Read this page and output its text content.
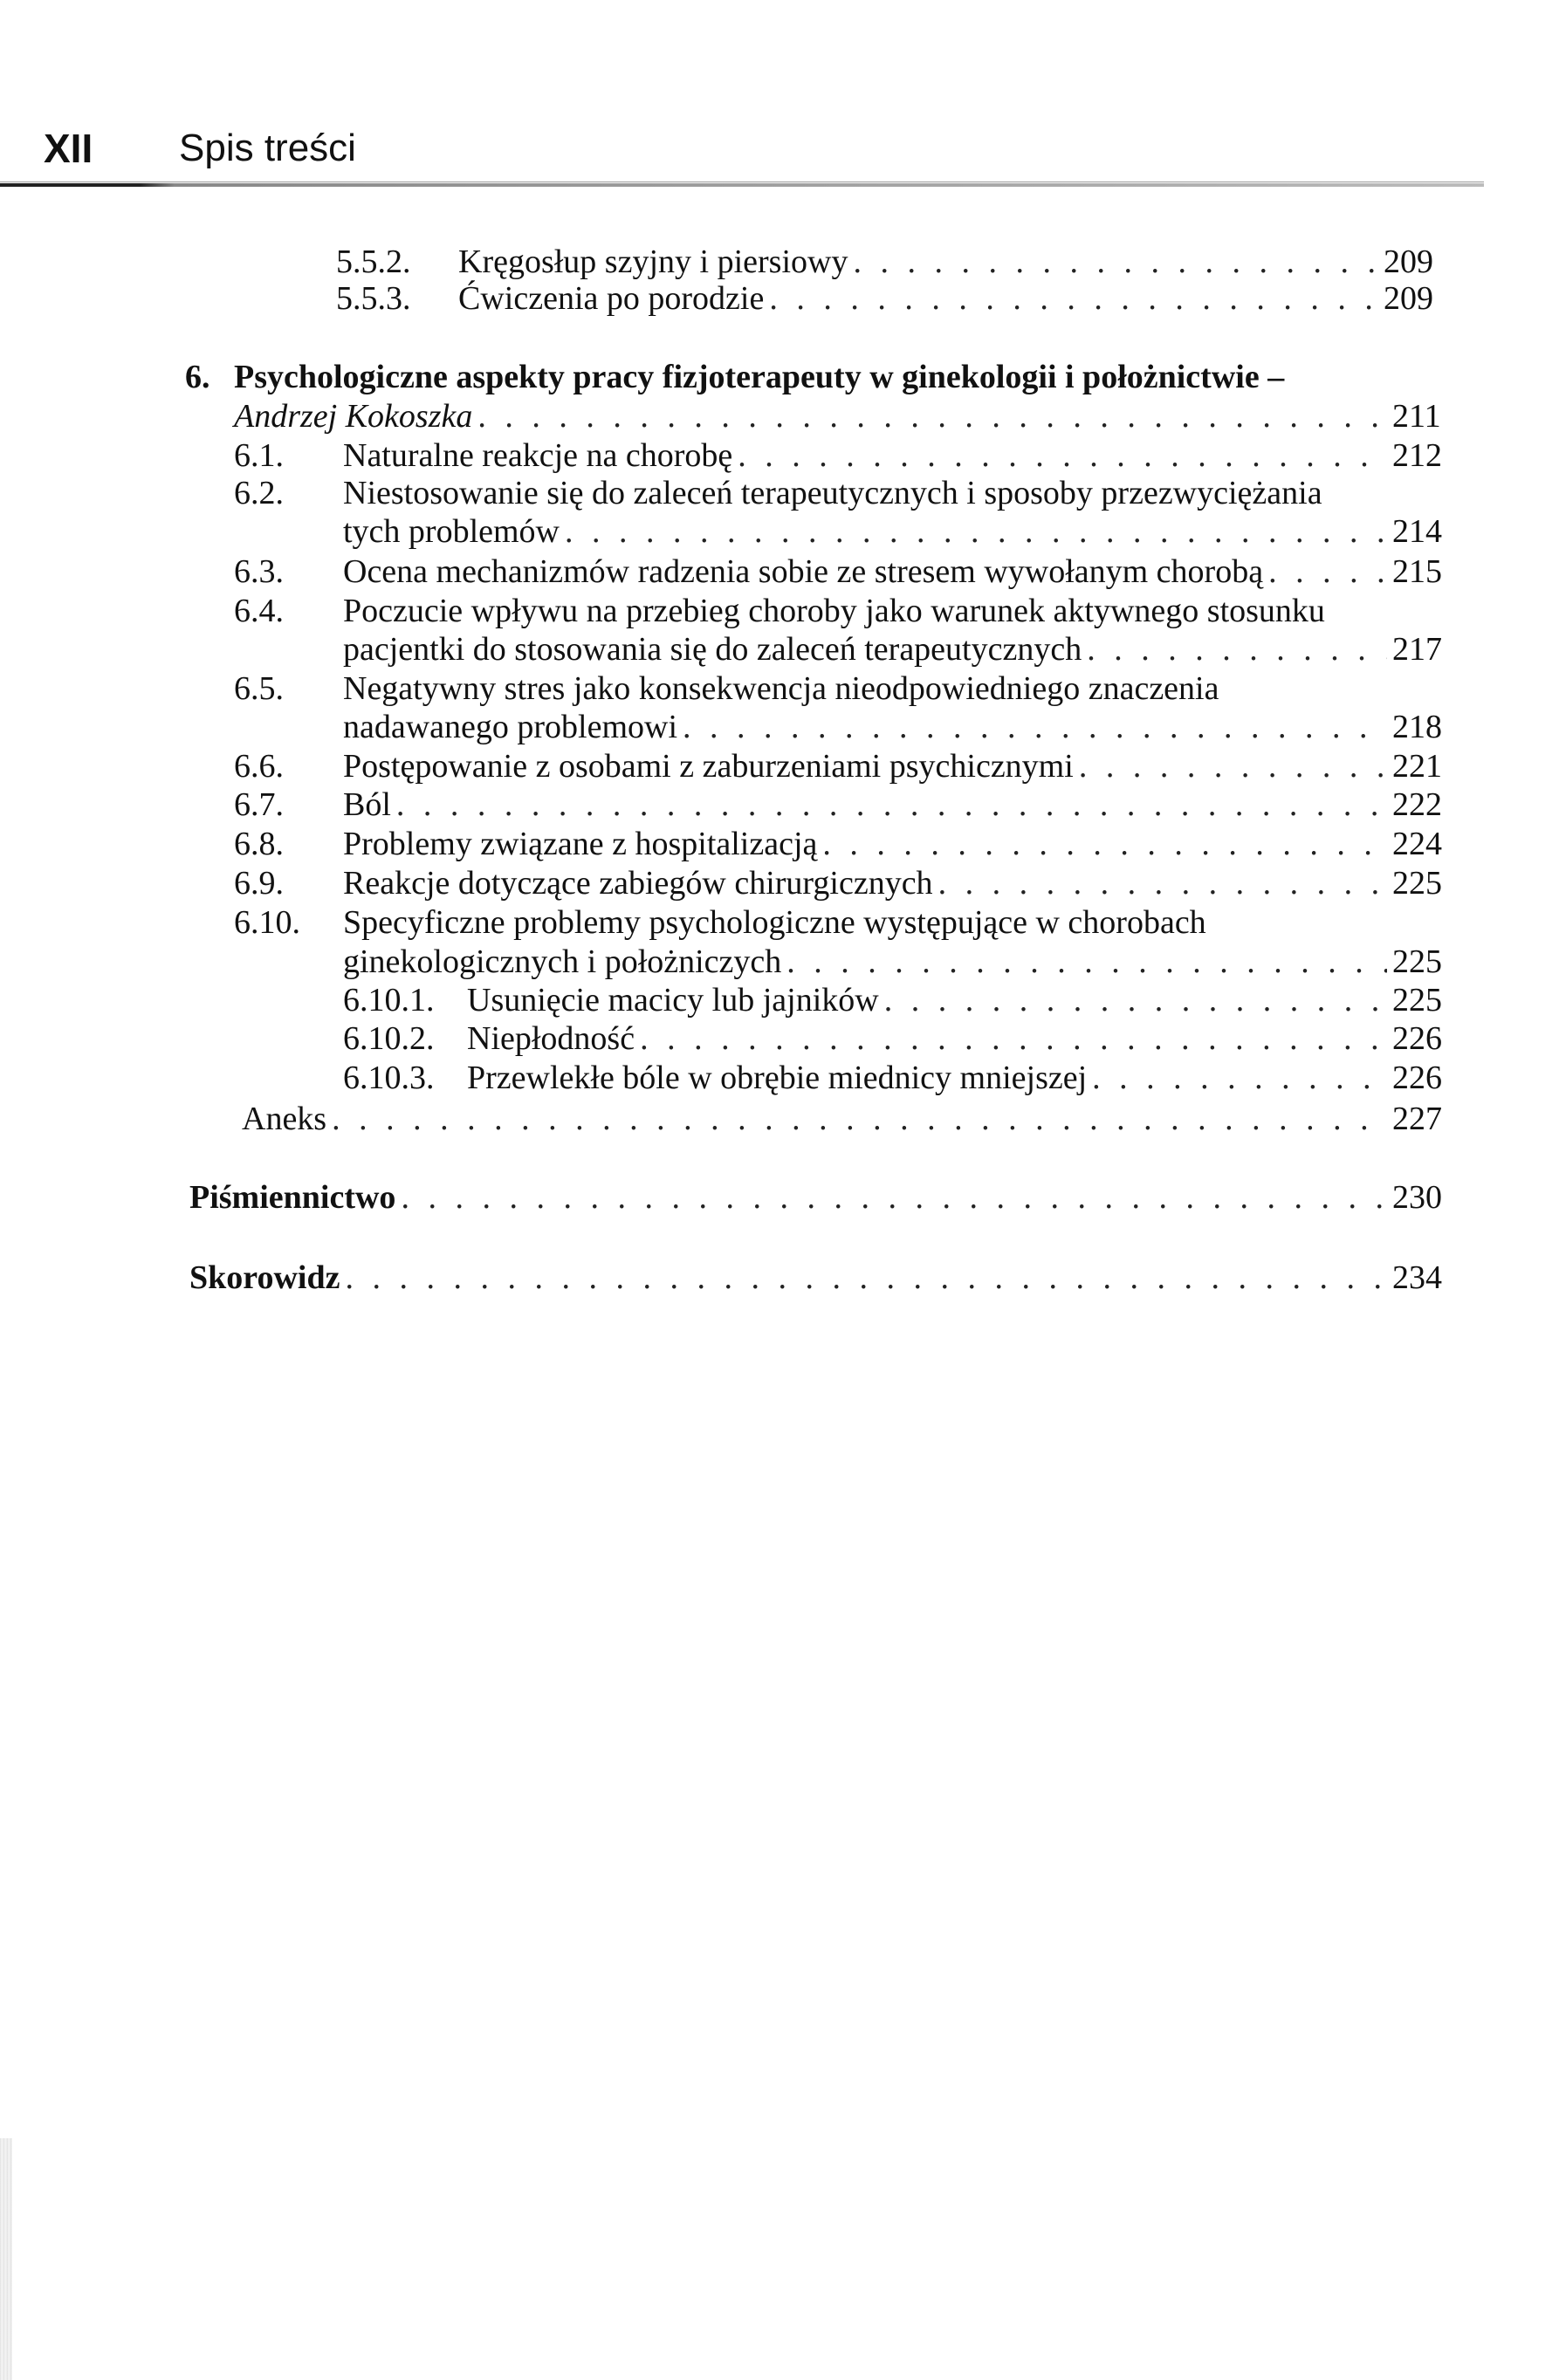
XII Spis treści
5.5.2.	Kręgosłup szyjny i piersiowy . . .	209
5.5.3.	Ćwiczenia po porodzie . . .	209
6. Psychologiczne aspekty pracy fizjoterapeuty w ginekologii i położnictwie –
Andrzej Kokoszka . . .	211
6.1.	Naturalne reakcje na chorobę . . .	212
6.2. Niestosowanie się do zaleceń terapeutycznych i sposoby przezwyciężania
tych problemów . . .	214
6.3.	Ocena mechanizmów radzenia sobie ze stresem wywołanym chorobą . . .	215
6.4. Poczucie wpływu na przebieg choroby jako warunek aktywnego stosunku
pacjentki do stosowania się do zaleceń terapeutycznych . . .	217
6.5. Negatywny stres jako konsekwencja nieodpowiedniego znaczenia
nadawanego problemowi . . .	218
6.6.	Postępowanie z osobami z zaburzeniami psychicznymi . . .	221
6.7.	Ból . . .	222
6.8.	Problemy związane z hospitalizacją . . .	224
6.9.	Reakcje dotyczące zabiegów chirurgicznych . . .	225
6.10. Specyficzne problemy psychologiczne występujące w chorobach
ginekologicznych i położniczych . . .	225
6.10.1. Usunięcie macicy lub jajników . . .	225
6.10.2. Niepłodność . . .	226
6.10.3. Przewlekłe bóle w obrębie miednicy mniejszej . . .	226
Aneks . . .	227
Piśmiennictwo . . .	230
Skorowidz . . .	234
